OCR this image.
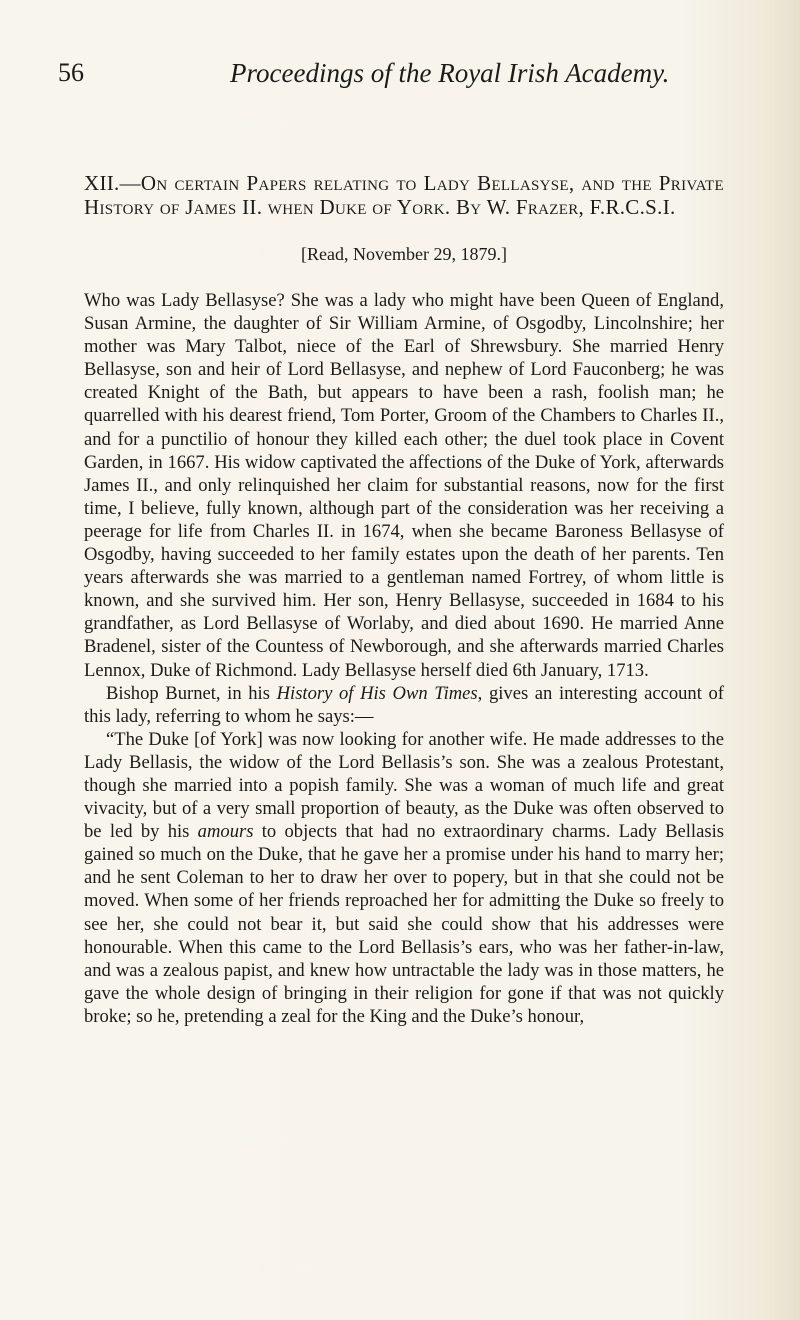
56	Proceedings of the Royal Irish Academy.
XII.—On certain Papers relating to Lady Bellasyse, and the Private History of James II. when Duke of York. By W. Frazer, F.R.C.S.I.
[Read, November 29, 1879.]

Who was Lady Bellasyse? She was a lady who might have been Queen of England, Susan Armine, the daughter of Sir William Armine, of Osgodby, Lincolnshire; her mother was Mary Talbot, niece of the Earl of Shrewsbury. She married Henry Bellasyse, son and heir of Lord Bellasyse, and nephew of Lord Fauconberg; he was created Knight of the Bath, but appears to have been a rash, foolish man; he quarrelled with his dearest friend, Tom Porter, Groom of the Chambers to Charles II., and for a punctilio of honour they killed each other; the duel took place in Covent Garden, in 1667. His widow captivated the affections of the Duke of York, afterwards James II., and only relinquished her claim for substantial reasons, now for the first time, I believe, fully known, although part of the consideration was her receiving a peerage for life from Charles II. in 1674, when she became Baroness Bellasyse of Osgodby, having succeeded to her family estates upon the death of her parents. Ten years afterwards she was married to a gentleman named Fortrey, of whom little is known, and she survived him. Her son, Henry Bellasyse, succeeded in 1684 to his grandfather, as Lord Bellasyse of Worlaby, and died about 1690. He married Anne Bradenel, sister of the Countess of Newborough, and she afterwards married Charles Lennox, Duke of Richmond. Lady Bellasyse herself died 6th January, 1713.

Bishop Burnet, in his History of His Own Times, gives an interesting account of this lady, referring to whom he says:—

“The Duke [of York] was now looking for another wife. He made addresses to the Lady Bellasis, the widow of the Lord Bellasis’s son. She was a zealous Protestant, though she married into a popish family. She was a woman of much life and great vivacity, but of a very small proportion of beauty, as the Duke was often observed to be led by his amours to objects that had no extraordinary charms. Lady Bellasis gained so much on the Duke, that he gave her a promise under his hand to marry her; and he sent Coleman to her to draw her over to popery, but in that she could not be moved. When some of her friends reproached her for admitting the Duke so freely to see her, she could not bear it, but said she could show that his addresses were honourable. When this came to the Lord Bellasis’s ears, who was her father-in-law, and was a zealous papist, and knew how untractable the lady was in those matters, he gave the whole design of bringing in their religion for gone if that was not quickly broke; so he, pretending a zeal for the King and the Duke’s honour,
